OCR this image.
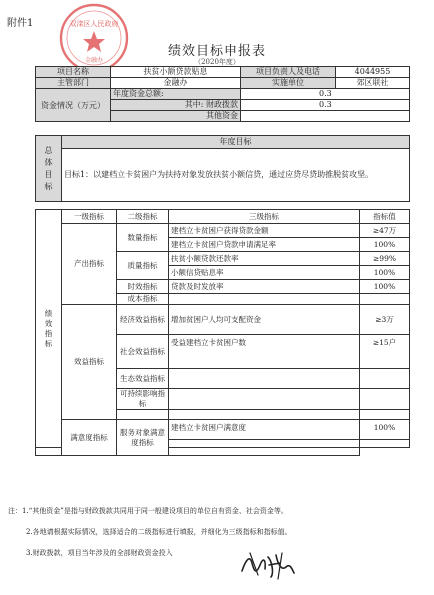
附件1	双滦区人民政府
金融办
绩效目标申报表
（2020年度）
项目名称	扶贫小额贷款贴息	项目负责人及电话	4044955
主管部门	金融办	实施单位	郊区联社
资金情况（万元）	年度资金总额:	0.3	
	其中: 财政拨款	0.3	
	其他资金		
总体目标	年度目标
目标1：以建档立卡贫困户为扶持对象发放扶贫小额信贷，通过应贷尽贷助推脱贫攻坚。
绩效指标	一级指标	二级指标	三级指标	指标值
	产出指标	数量指标	建档立卡贫困户获得贷款金额	≥47万
			建档立卡贫困户贷款申请满足率	100%
		质量指标	扶贫小额贷款还款率	≥99%
			小额信贷贴息率	100%
		时效指标	贷款及时发放率	100%
		成本指标		
	效益指标	经济效益指标	增加贫困户人均可支配资金	≥3万
		社会效益指标	受益建档立卡贫困户数	≥15户

		生态效益指标		
		可持续影响指标		

	满意度指标	服务对象满意度指标	建档立卡贫困户满意度	100%

注：1.“其他资金”是指与财政拨款共同用于同一般建设项目的单位自有资金、社会资金等。

2.各地请根据实际情况，选择适合的二级指标进行填报，并细化为三级指标和指标值。

3.财政拨款，项目当年涉及的全部财政资金投入
